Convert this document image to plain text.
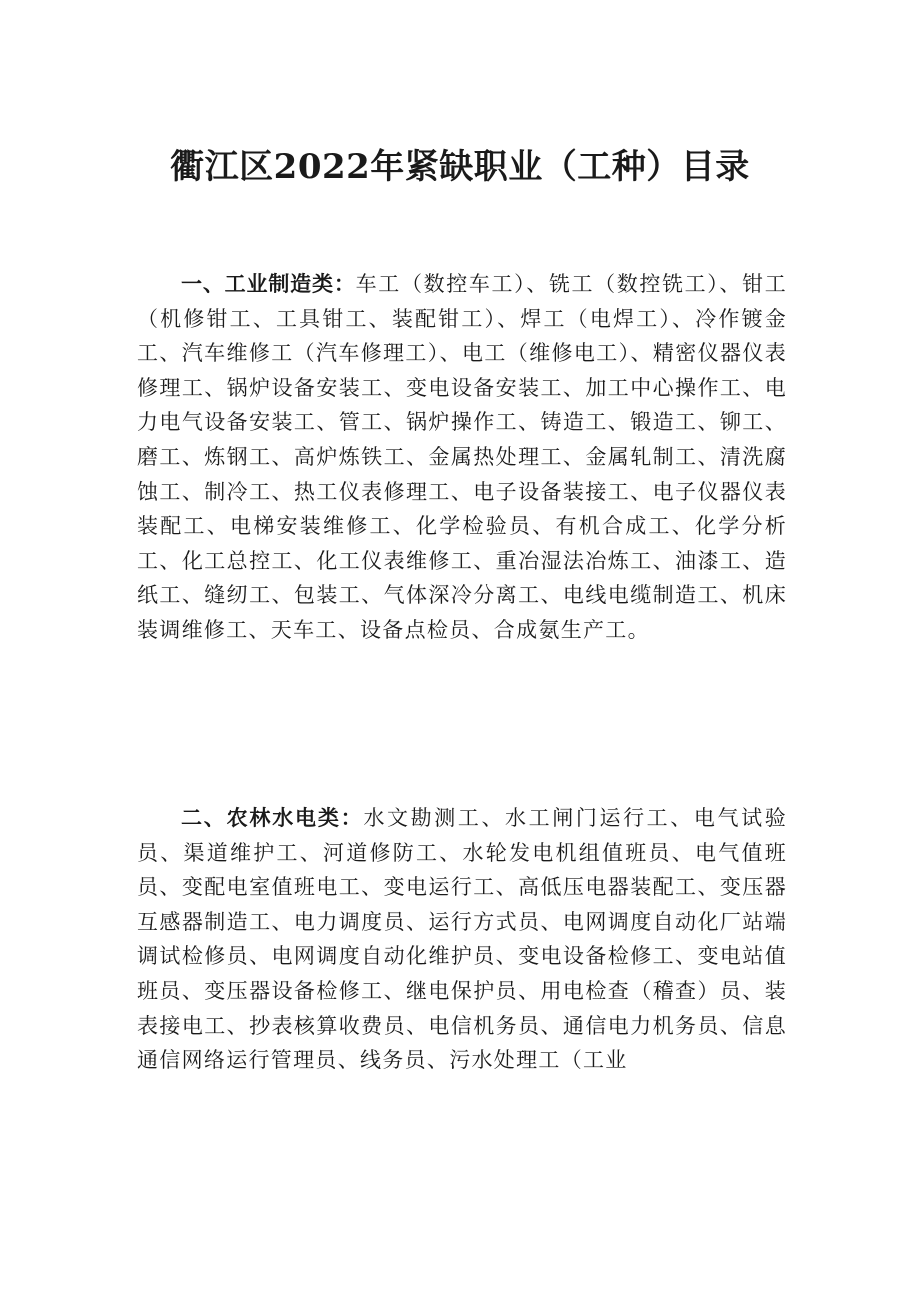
衢江区2022年紧缺职业（工种）目录

一、工业制造类：车工（数控车工）、铣工（数控铣工）、钳工（机修钳工、工具钳工、装配钳工）、焊工（电焊工）、冷作镀金工、汽车维修工（汽车修理工）、电工（维修电工）、精密仪器仪表修理工、锅炉设备安装工、变电设备安装工、加工中心操作工、电力电气设备安装工、管工、锅炉操作工、铸造工、锻造工、铆工、磨工、炼钢工、高炉炼铁工、金属热处理工、金属轧制工、清洗腐蚀工、制冷工、热工仪表修理工、电子设备装接工、电子仪器仪表装配工、电梯安装维修工、化学检验员、有机合成工、化学分析工、化工总控工、化工仪表维修工、重冶湿法冶炼工、油漆工、造纸工、缝纫工、包装工、气体深冷分离工、电线电缆制造工、机床装调维修工、天车工、设备点检员、合成氨生产工。

二、农林水电类：水文勘测工、水工闸门运行工、电气试验员、渠道维护工、河道修防工、水轮发电机组值班员、电气值班员、变配电室值班电工、变电运行工、高低压电器装配工、变压器互感器制造工、电力调度员、运行方式员、电网调度自动化厂站端调试检修员、电网调度自动化维护员、变电设备检修工、变电站值班员、变压器设备检修工、继电保护员、用电检查（稽查）员、装表接电工、抄表核算收费员、电信机务员、通信电力机务员、信息通信网络运行管理员、线务员、污水处理工（工业
